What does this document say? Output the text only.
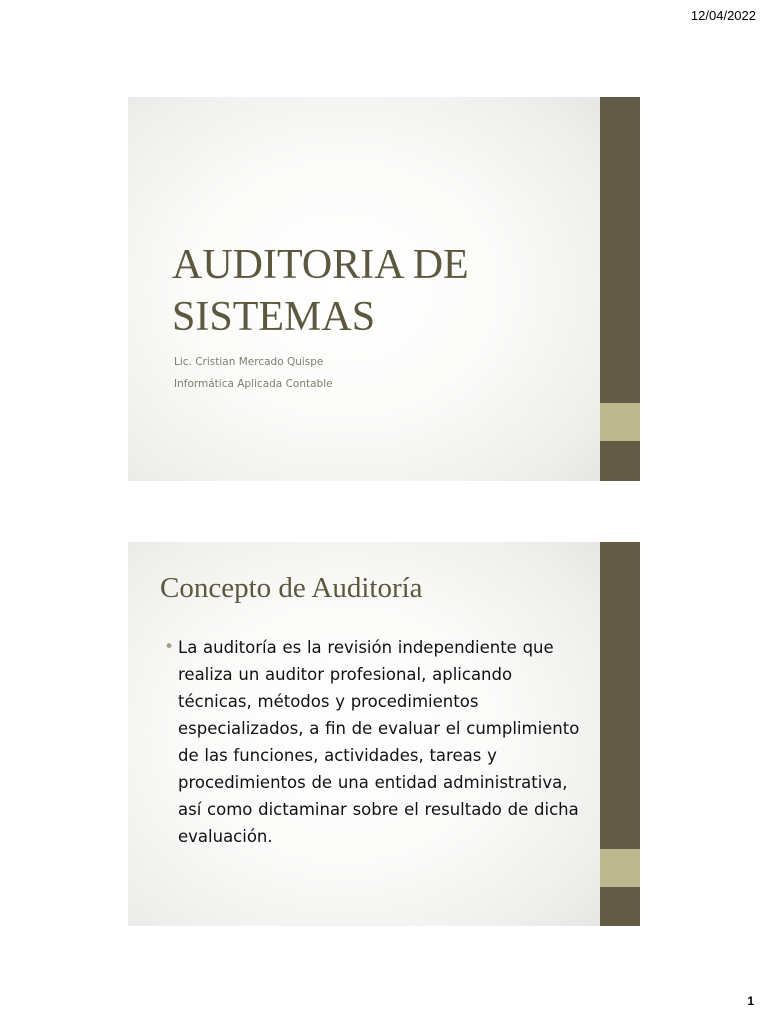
12/04/2022
AUDITORIA DE SISTEMAS
Lic. Cristian Mercado Quispe
Informática Aplicada Contable
Concepto de Auditoría
• La auditoría es la revisión independiente que realiza un auditor profesional, aplicando técnicas, métodos y procedimientos especializados, a fin de evaluar el cumplimiento de las funciones, actividades, tareas y procedimientos de una entidad administrativa, así como dictaminar sobre el resultado de dicha evaluación.
1
